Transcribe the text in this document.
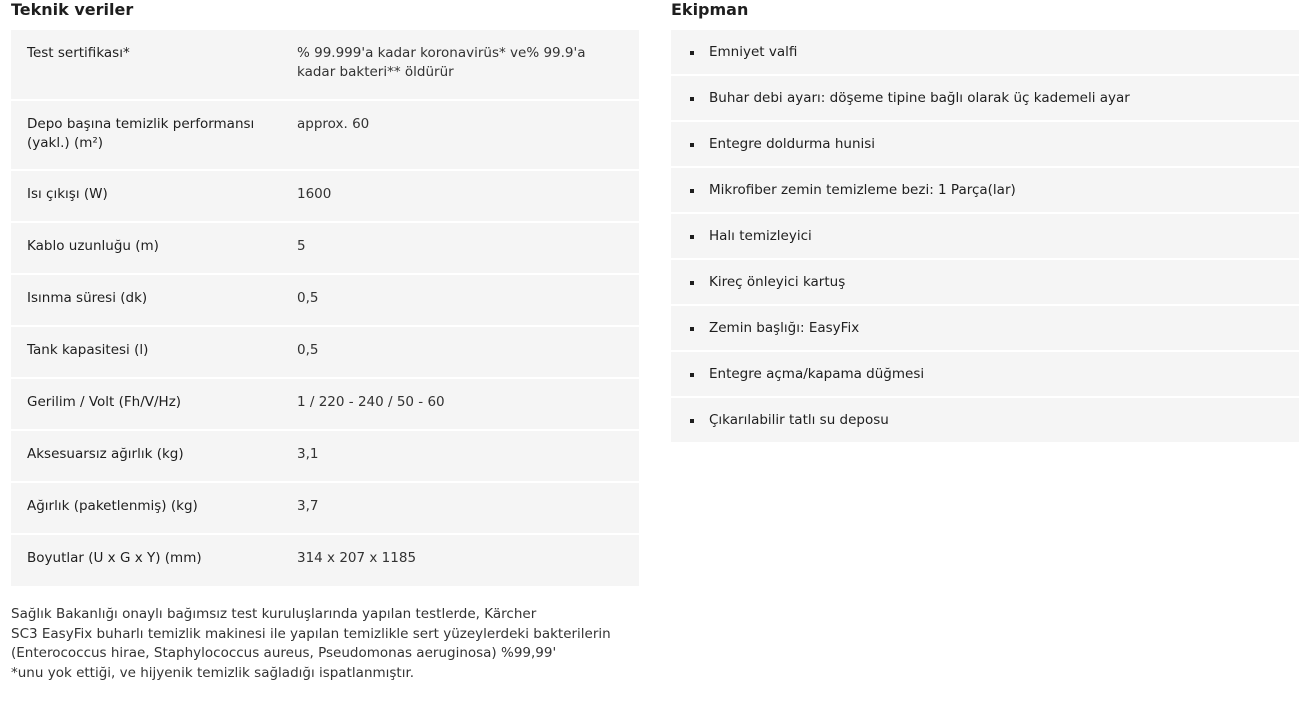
Teknik veriler
Test sertifikası*	% 99.999'a kadar koronavirüs* ve% 99.9'a kadar bakteri** öldürür
Depo başına temizlik performansı (yakl.) (m²)	approx. 60
Isı çıkışı (W)	1600
Kablo uzunluğu (m)	5
Isınma süresi (dk)	0,5
Tank kapasitesi (l)	0,5
Gerilim / Volt (Fh/V/Hz)	1 / 220 - 240 / 50 - 60
Aksesuarsız ağırlık (kg)	3,1
Ağırlık (paketlenmiş) (kg)	3,7
Boyutlar (U x G x Y) (mm)	314 x 207 x 1185
Sağlık Bakanlığı onaylı bağımsız test kuruluşlarında yapılan testlerde, Kärcher
SC3 EasyFix buharlı temizlik makinesi ile yapılan temizlikle sert yüzeylerdeki bakterilerin
(Enterococcus hirae, Staphylococcus aureus, Pseudomonas aeruginosa) %99,99'
*unu yok ettiği, ve hijyenik temizlik sağladığı ispatlanmıştır.
Ekipman
Emniyet valfi
Buhar debi ayarı: döşeme tipine bağlı olarak üç kademeli ayar
Entegre doldurma hunisi
Mikrofiber zemin temizleme bezi: 1 Parça(lar)
Halı temizleyici
Kireç önleyici kartuş
Zemin başlığı: EasyFix
Entegre açma/kapama düğmesi
Çıkarılabilir tatlı su deposu
